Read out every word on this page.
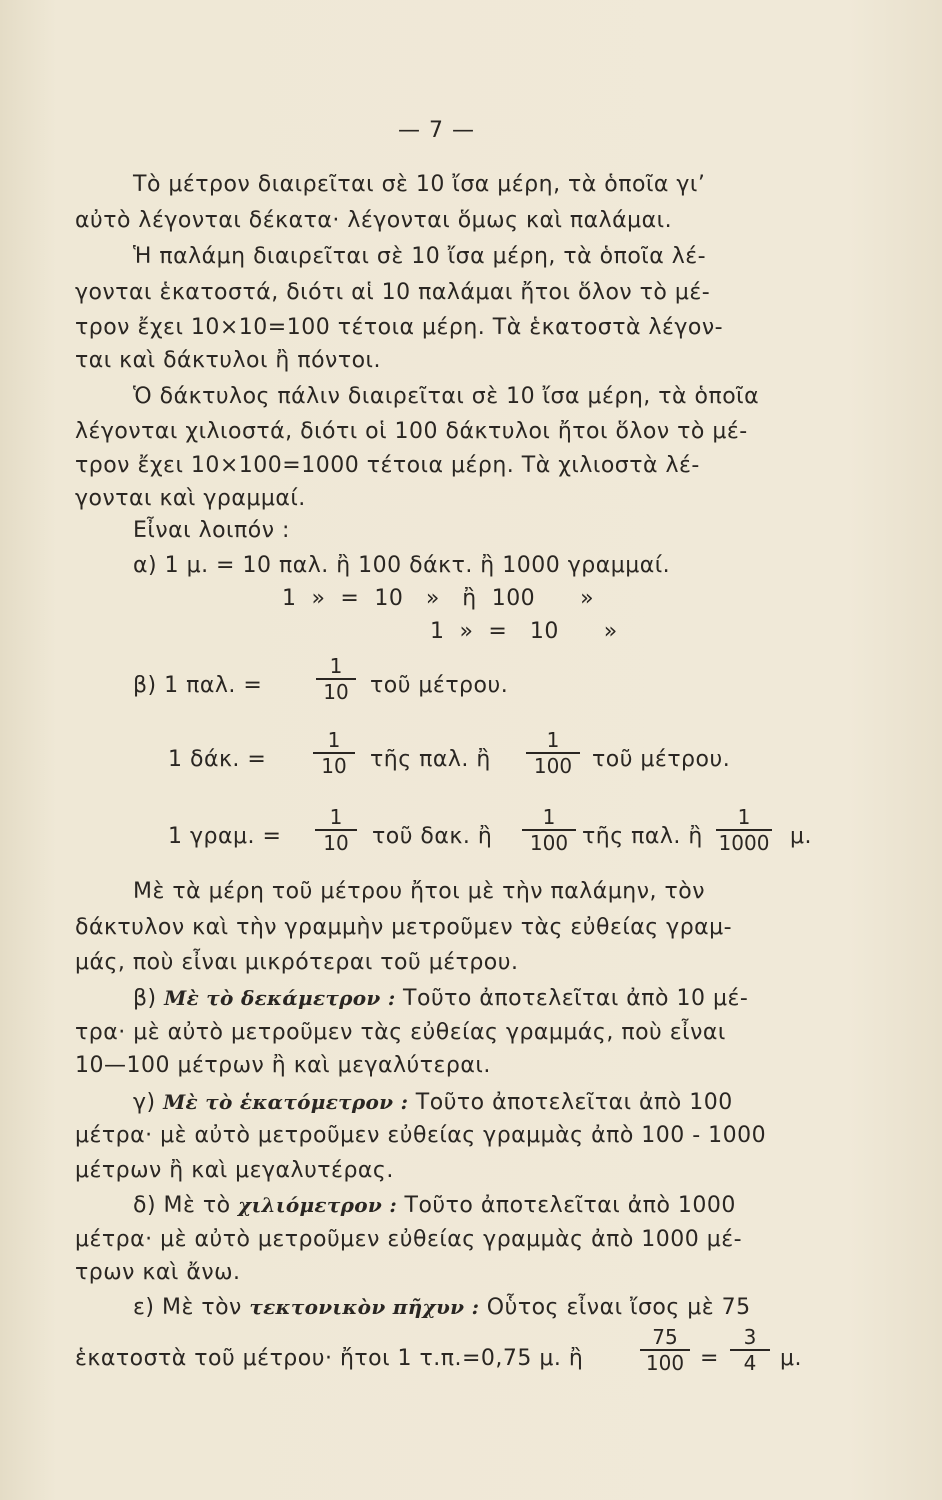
— 7 —
Τὸ μέτρον διαιρεῖται σὲ 10 ἴσα μέρη, τὰ ὁποῖα γι’
αὐτὸ λέγονται δέκατα· λέγονται ὅμως καὶ παλάμαι.
Ἡ παλάμη διαιρεῖται σὲ 10 ἴσα μέρη, τὰ ὁποῖα λέ-
γονται ἑκατοστά, διότι αἱ 10 παλάμαι ἤτοι ὅλον τὸ μέ-
τρον ἔχει 10×10=100 τέτοια μέρη. Τὰ ἑκατοστὰ λέγον-
ται καὶ δάκτυλοι ἢ πόντοι.
Ὁ δάκτυλος πάλιν διαιρεῖται σὲ 10 ἴσα μέρη, τὰ ὁποῖα
λέγονται χιλιοστά, διότι οἱ 100 δάκτυλοι ἤτοι ὅλον τὸ μέ-
τρον ἔχει 10×100=1000 τέτοια μέρη. Τὰ χιλιοστὰ λέ-
γονται καὶ γραμμαί.
Εἶναι λοιπόν :
α) 1 μ. = 10 παλ. ἢ 100 δάκτ. ἢ 1000 γραμμαί.
1  »  =  10   »   ἢ  100      »
1  »  =   10      »
β) 1 παλ. =
1
10 τοῦ μέτρου.
1 δάκ. =
1
10	τῆς παλ. ἢ
1
100 τοῦ μέτρου.
1 γραμ. =
1
10	τοῦ δακ. ἢ
1
100 τῆς παλ. ἢ
1
1000 μ.
Μὲ τὰ μέρη τοῦ μέτρου ἤτοι μὲ τὴν παλάμην, τὸν
δάκτυλον καὶ τὴν γραμμὴν μετροῦμεν τὰς εὐθείας γραμ-
μάς, ποὺ εἶναι μικρότεραι τοῦ μέτρου.
β) Μὲ τὸ δεκάμετρον : Τοῦτο ἀποτελεῖται ἀπὸ 10 μέ-
τρα· μὲ αὐτὸ μετροῦμεν τὰς εὐθείας γραμμάς, ποὺ εἶναι
10—100 μέτρων ἢ καὶ μεγαλύτεραι.
γ) Μὲ τὸ ἑκατόμετρον : Τοῦτο ἀποτελεῖται ἀπὸ 100
μέτρα· μὲ αὐτὸ μετροῦμεν εὐθείας γραμμὰς ἀπὸ 100 - 1000
μέτρων ἢ καὶ μεγαλυτέρας.
δ) Μὲ τὸ χιλιόμετρον : Τοῦτο ἀποτελεῖται ἀπὸ 1000
μέτρα· μὲ αὐτὸ μετροῦμεν εὐθείας γραμμὰς ἀπὸ 1000 μέ-
τρων καὶ ἄνω.
ε) Μὲ τὸν τεκτονικὸν πῆχυν : Οὗτος εἶναι ἴσος μὲ 75
ἑκατοστὰ τοῦ μέτρου· ἤτοι 1 τ.π.=0,75 μ. ἢ
75
100 =
3
4	μ.
